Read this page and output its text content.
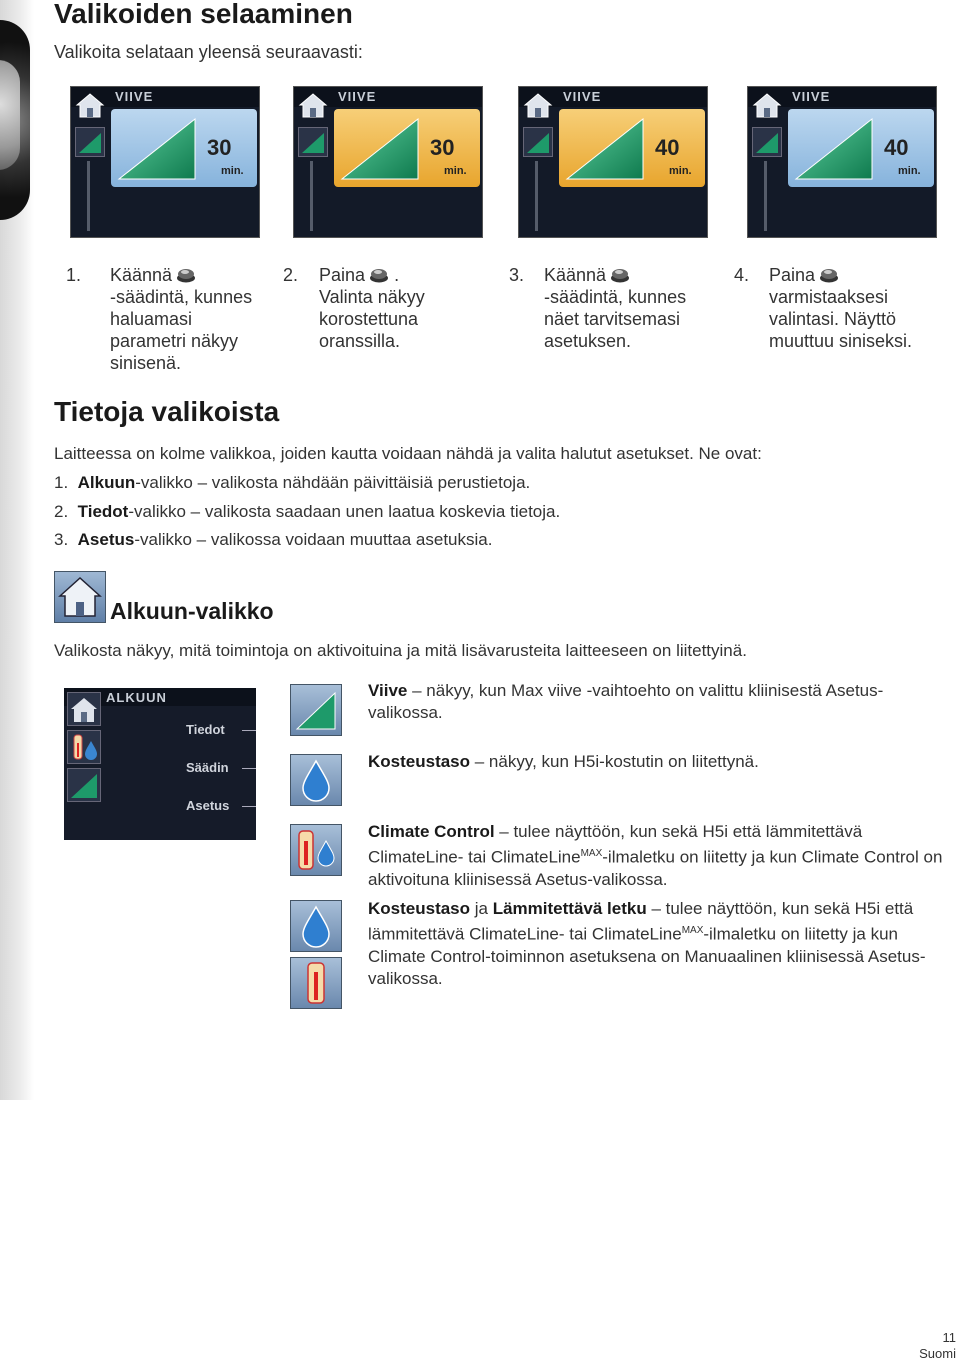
Valikoiden selaaminen
Valikoita selataan yleensä seuraavasti:
VIIVE
30
min.
VIIVE
30
min.
VIIVE
40
min.
VIIVE
40
min.
1. Käännä
-säädintä, kunnes haluamasi parametri näkyy sinisenä.
2. Paina . Valinta näkyy korostettuna oranssilla.
3. Käännä
-säädintä, kunnes näet tarvitsemasi asetuksen.
4. Paina
varmistaaksesi valintasi. Näyttö muuttuu siniseksi.
Tietoja valikoista
Laitteessa on kolme valikkoa, joiden kautta voidaan nähdä ja valita halutut asetukset. Ne ovat:
1. Alkuun-valikko – valikosta nähdään päivittäisiä perustietoja.
2. Tiedot-valikko – valikosta saadaan unen laatua koskevia tietoja.
3. Asetus-valikko – valikossa voidaan muuttaa asetuksia.
Alkuun-valikko
Valikosta näkyy, mitä toimintoja on aktivoituina ja mitä lisävarusteita laitteeseen on liitettyinä.
ALKUUN
Tiedot
Säädin
Asetus
Viive – näkyy, kun Max viive -vaihtoehto on valittu kliinisestä Asetus-valikossa.
Kosteustaso – näkyy, kun H5i-kostutin on liitettynä.
Climate Control – tulee näyttöön, kun sekä H5i että lämmitettävä ClimateLine- tai ClimateLine$^{MAX}$-ilmaletku on liitetty ja kun Climate Control on aktivoituna kliinisessä Asetus-valikossa.
Kosteustaso ja Lämmitettävä letku – tulee näyttöön, kun sekä H5i että lämmitettävä ClimateLine- tai ClimateLine$^{MAX}$-ilmaletku on liitetty ja kun Climate Control-toiminnon asetuksena on Manuaalinen kliinisessä Asetus-valikossa.
11
Suomi
